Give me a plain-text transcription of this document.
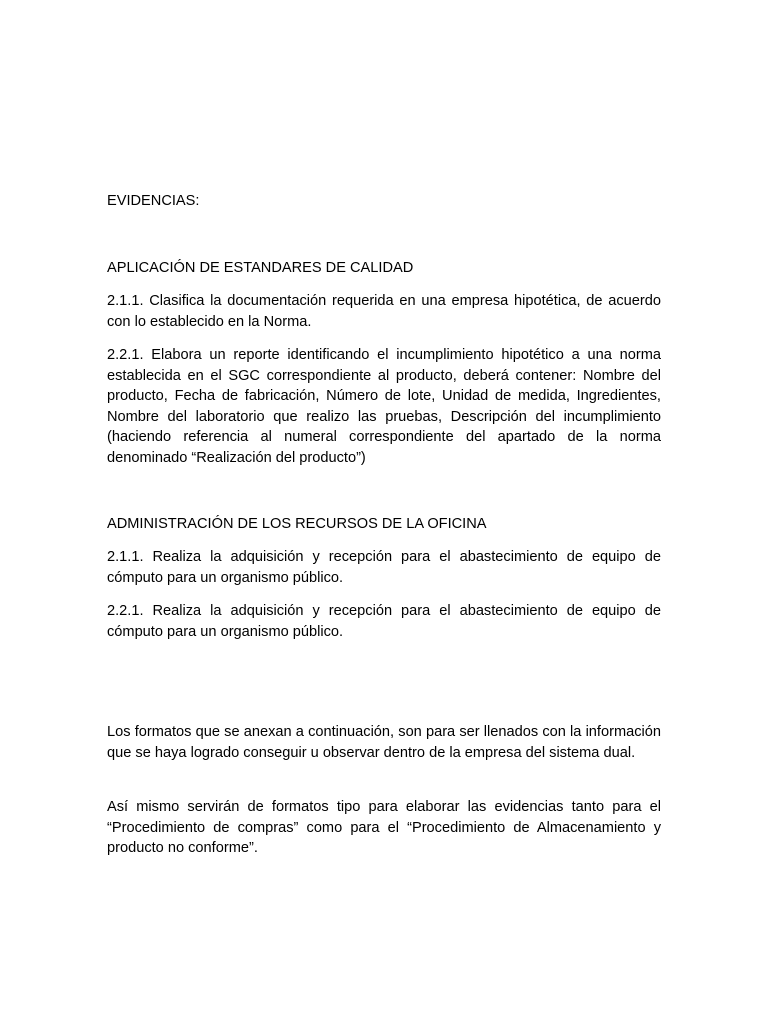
EVIDENCIAS:
APLICACIÓN DE ESTANDARES DE CALIDAD
2.1.1. Clasifica la documentación requerida en una empresa hipotética, de acuerdo con lo establecido en la Norma.
2.2.1. Elabora un reporte identificando el incumplimiento hipotético a una norma establecida en el SGC correspondiente al producto, deberá contener: Nombre del producto, Fecha de fabricación, Número de lote, Unidad de medida, Ingredientes, Nombre del laboratorio que realizo las pruebas, Descripción del incumplimiento (haciendo referencia al numeral correspondiente del apartado de la norma denominado “Realización del producto”)
ADMINISTRACIÓN DE LOS RECURSOS DE LA OFICINA
2.1.1. Realiza la adquisición y recepción para el abastecimiento de equipo de cómputo para un organismo público.
2.2.1. Realiza la adquisición y recepción para el abastecimiento de equipo de cómputo para un organismo público.
Los formatos que se anexan a continuación, son para ser llenados con la información que se haya logrado conseguir u observar dentro de la empresa del sistema dual.
Así mismo servirán de formatos tipo para elaborar las evidencias tanto para el “Procedimiento de compras” como para el “Procedimiento de Almacenamiento y producto no conforme”.
